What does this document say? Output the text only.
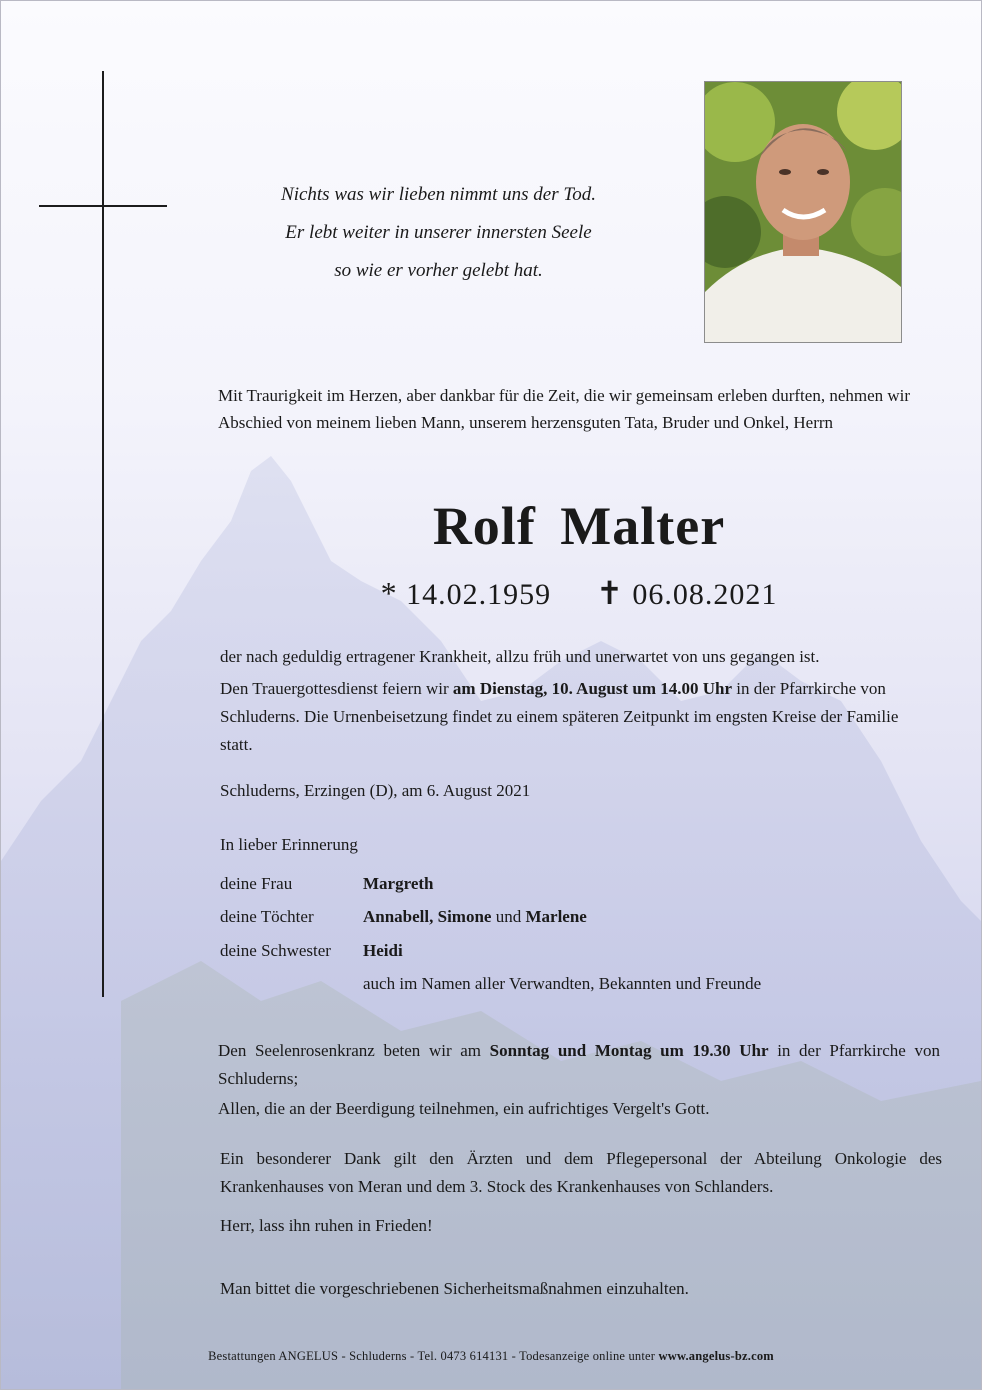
Nichts was wir lieben nimmt uns der Tod.
Er lebt weiter in unserer innersten Seele
so wie er vorher gelebt hat.
Mit Traurigkeit im Herzen, aber dankbar für die Zeit, die wir gemeinsam erleben durften, nehmen wir Abschied von meinem lieben Mann, unserem herzensguten Tata, Bruder und Onkel, Herrn
Rolf Malter
* 14.02.1959 ✝ 06.08.2021
der nach geduldig ertragener Krankheit, allzu früh und unerwartet von uns gegangen ist.
Den Trauergottesdienst feiern wir am Dienstag, 10. August um 14.00 Uhr in der Pfarrkirche von Schluderns. Die Urnenbeisetzung findet zu einem späteren Zeitpunkt im engsten Kreise der Familie statt.
Schluderns, Erzingen (D), am 6. August 2021
In lieber Erinnerung
deine Frau	Margreth
deine Töchter	Annabell, Simone und Marlene
deine Schwester Heidi
auch im Namen aller Verwandten, Bekannten und Freunde
Den Seelenrosenkranz beten wir am Sonntag und Montag um 19.30 Uhr in der Pfarrkirche von Schluderns;
Allen, die an der Beerdigung teilnehmen, ein aufrichtiges Vergelt's Gott.
Ein besonderer Dank gilt den Ärzten und dem Pflegepersonal der Abteilung Onkologie des Krankenhauses von Meran und dem 3. Stock des Krankenhauses von Schlanders.
Herr, lass ihn ruhen in Frieden!
Man bittet die vorgeschriebenen Sicherheitsmaßnahmen einzuhalten.
Bestattungen ANGELUS - Schluderns - Tel. 0473 614131 - Todesanzeige online unter www.angelus-bz.com
